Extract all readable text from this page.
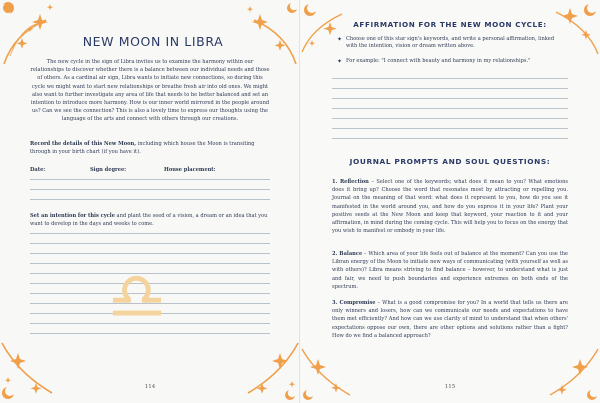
NEW MOON IN LIBRA

The new cycle in the sign of Libra invites us to examine the harmony within our relationships to discover whether there is a balance between our individual needs and those of others. As a cardinal air sign, Libra wants to initiate new connections, so during this cycle we might want to start new relationships or breathe fresh air into old ones. We might also want to further investigate any area of life that needs to be better balanced and set an intention to introduce more harmony. How is our inner world mirrored in the people around us? Can we see the connection? This is also a lovely time to express our thoughts using the language of the arts and connect with others through our creations.

Record the details of this New Moon, including which house the Moon is transiting through in your birth chart (if you have it).
Date:	Sign degree:	House placement:
Set an intention for this cycle and plant the seed of a vision, a dream or an idea that you want to develop in the days and weeks to come.
♎
114
AFFIRMATION FOR THE NEW MOON CYCLE:
✦ Choose one of this star sign's keywords, and write a personal affirmation, linked with the intention, vision or dream written above.
✦ For example: "I connect with beauty and harmony in my relationships."
JOURNAL PROMPTS AND SOUL QUESTIONS:
1. Reflection – Select one of the keywords; what does it mean to you? What emotions does it bring up? Choose the word that resonates most by attracting or repelling you. Journal on the meaning of that word: what does it represent to you, how do you see it manifested in the world around you, and how do you express it in your life? Plant your positive seeds at the New Moon and keep that keyword, your reaction to it and your affirmation, in mind during the coming cycle. This will help you to focus on the energy that you wish to manifest or embody in your life.
2. Balance – Which area of your life feels out of balance at the moment? Can you use the Libran energy of the Moon to initiate new ways of communicating (with yourself as well as with others)? Libra means striving to find balance – however, to understand what is just and fair, we need to push boundaries and experience extremes on both ends of the spectrum.
3. Compromise – What is a good compromise for you? In a world that tells us there are only winners and losers, how can we communicate our needs and expectations to have them met efficiently? And how can we use clarity of mind to understand that when others' expectations oppose our own, there are other options and solutions rather than a fight? How do we find a balanced approach?
115
